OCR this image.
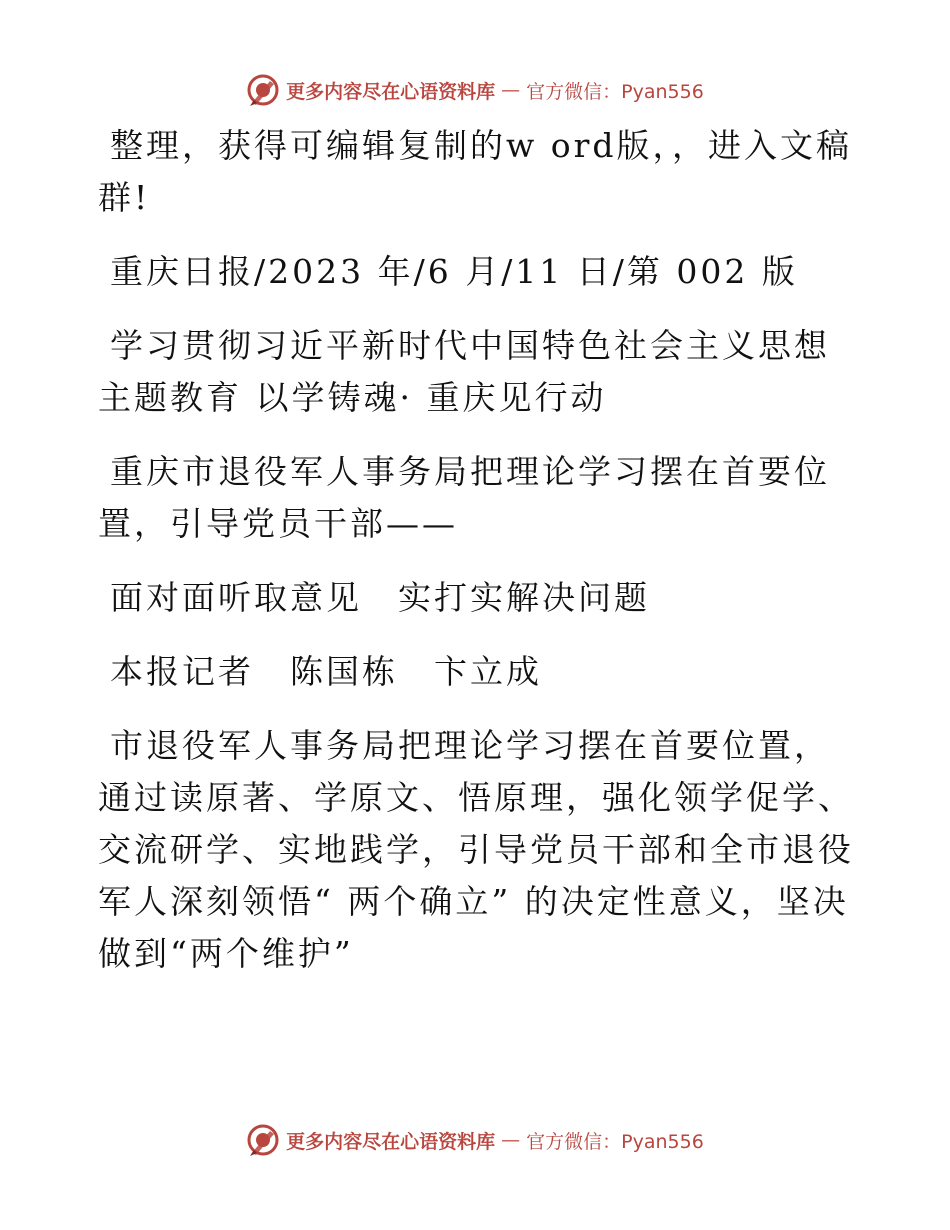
更多内容尽在心语资料库 — 官方微信：Pyan556

整理，获得可编辑复制的w ord版，，进入文稿群!

重庆日报/2023 年/6 月/11 日/第 002 版

学习贯彻习近平新时代中国特色社会主义思想主题教育 以学铸魂· 重庆见行动

重庆市退役军人事务局把理论学习摆在首要位置，引导党员干部——

面对面听取意见　实打实解决问题

本报记者　陈国栋　卞立成

市退役军人事务局把理论学习摆在首要位置，通过读原著、学原文、悟原理，强化领学促学、交流研学、实地践学，引导党员干部和全市退役军人深刻领悟“ 两个确立” 的决定性意义，坚决做到“两个维护”

更多内容尽在心语资料库 — 官方微信：Pyan556
